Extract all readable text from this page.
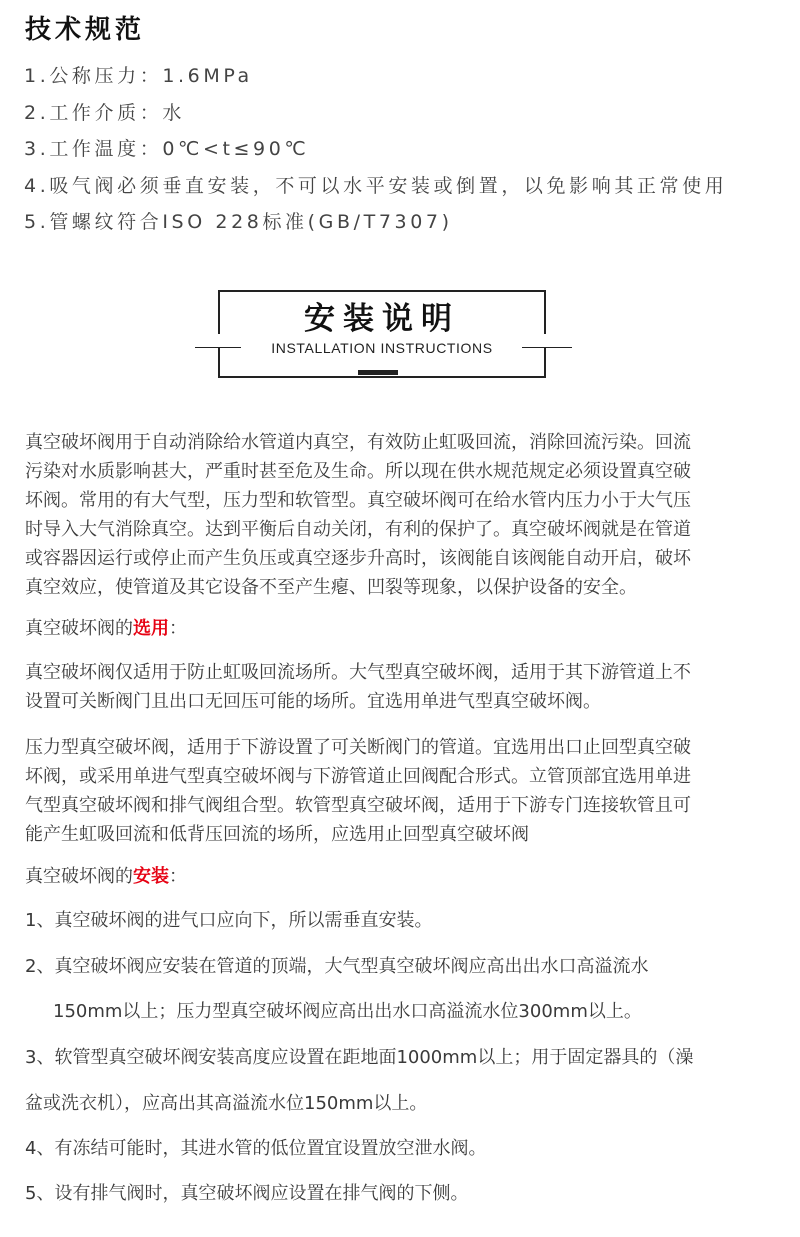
技术规范
1.公称压力：1.6MPa
2.工作介质：水
3.工作温度：0℃<t≤90℃
4.吸气阀必须垂直安装，不可以水平安装或倒置，以免影响其正常使用
5.管螺纹符合ISO 228标准(GB/T7307)
安装说明
INSTALLATION INSTRUCTIONS

真空破坏阀用于自动消除给水管道内真空，有效防止虹吸回流，消除回流污染。回流

污染对水质影响甚大，严重时甚至危及生命。所以现在供水规范规定必须设置真空破

坏阀。常用的有大气型，压力型和软管型。真空破坏阀可在给水管内压力小于大气压

时导入大气消除真空。达到平衡后自动关闭，有利的保护了。真空破坏阀就是在管道

或容器因运行或停止而产生负压或真空逐步升高时，该阀能自该阀能自动开启，破坏

真空效应，使管道及其它设备不至产生瘪、凹裂等现象，以保护设备的安全。

真空破坏阀的选用：

真空破坏阀仅适用于防止虹吸回流场所。大气型真空破坏阀，适用于其下游管道上不

设置可关断阀门且出口无回压可能的场所。宜选用单进气型真空破坏阀。

压力型真空破坏阀，适用于下游设置了可关断阀门的管道。宜选用出口止回型真空破

坏阀，或采用单进气型真空破坏阀与下游管道止回阀配合形式。立管顶部宜选用单进

气型真空破坏阀和排气阀组合型。软管型真空破坏阀，适用于下游专门连接软管且可

能产生虹吸回流和低背压回流的场所，应选用止回型真空破坏阀

真空破坏阀的安装：

1、真空破坏阀的进气口应向下，所以需垂直安装。

2、真空破坏阀应安装在管道的顶端，大气型真空破坏阀应高出出水口高溢流水

150mm以上；压力型真空破坏阀应高出出水口高溢流水位300mm以上。

3、软管型真空破坏阀安装高度应设置在距地面1000mm以上；用于固定器具的（澡

盆或洗衣机），应高出其高溢流水位150mm以上。

4、有冻结可能时，其进水管的低位置宜设置放空泄水阀。

5、设有排气阀时，真空破坏阀应设置在排气阀的下侧。
